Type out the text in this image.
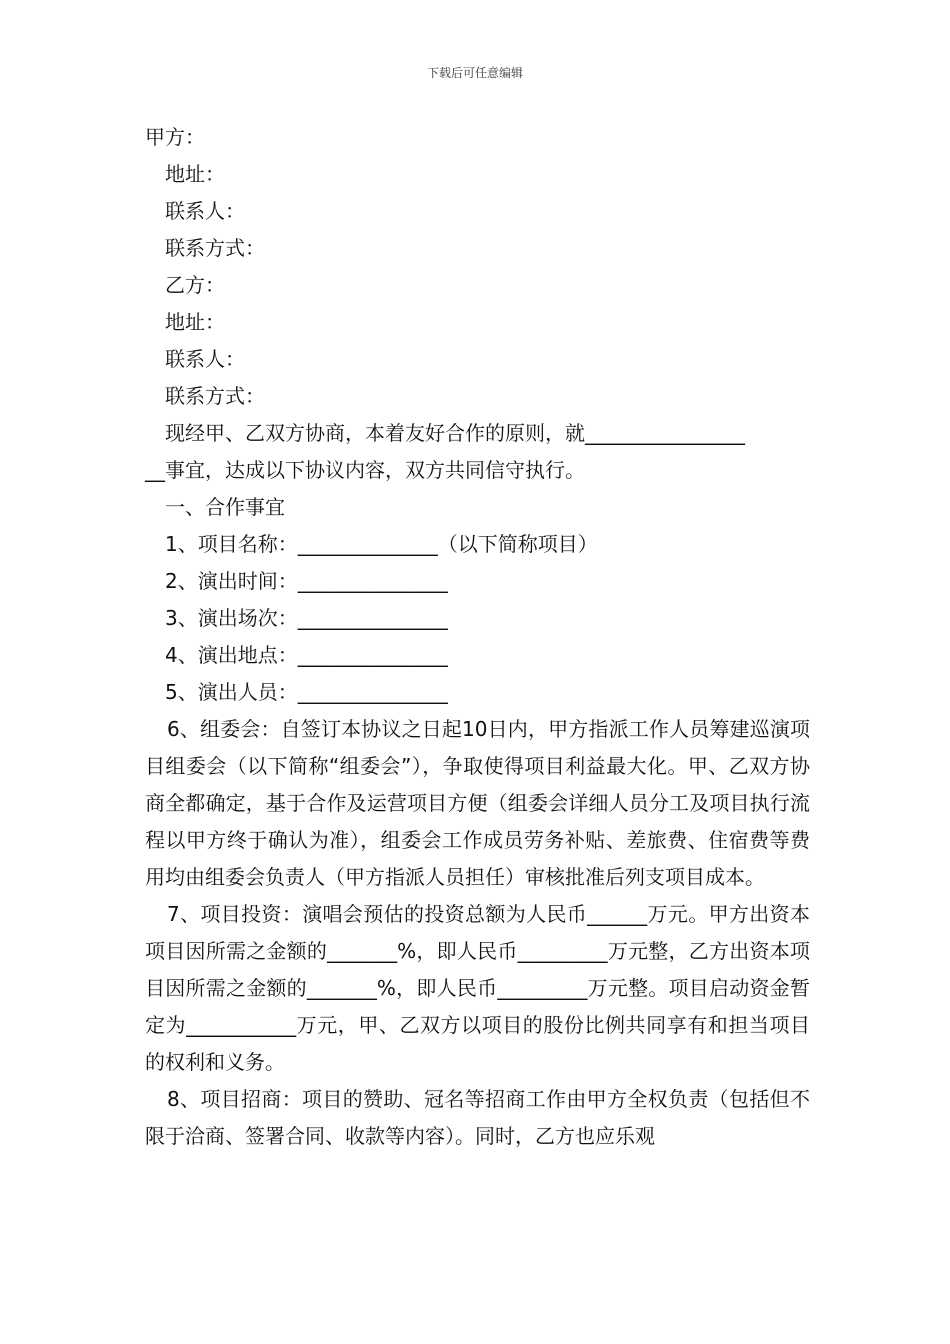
下载后可任意编辑
甲方：
地址：
联系人：
联系方式：
乙方：
地址：
联系人：
联系方式：
现经甲、乙双方协商，本着友好合作的原则，就________________
__事宜，达成以下协议内容，双方共同信守执行。
一、合作事宜
1、项目名称：______________（以下简称项目）
2、演出时间：_______________
3、演出场次：_______________
4、演出地点：_______________
5、演出人员：_______________
6、组委会：自签订本协议之日起10日内，甲方指派工作人员筹建巡演项目组委会（以下简称“组委会”），争取使得项目利益最大化。甲、乙双方协商全都确定，基于合作及运营项目方便（组委会详细人员分工及项目执行流程以甲方终于确认为准），组委会工作成员劳务补贴、差旅费、住宿费等费用均由组委会负责人（甲方指派人员担任）审核批准后列支项目成本。
7、项目投资：演唱会预估的投资总额为人民币______万元。甲方出资本项目因所需之金额的_______%，即人民币_________万元整，乙方出资本项目因所需之金额的_______%，即人民币_________万元整。项目启动资金暂定为___________万元，甲、乙双方以项目的股份比例共同享有和担当项目的权利和义务。
8、项目招商：项目的赞助、冠名等招商工作由甲方全权负责（包括但不限于洽商、签署合同、收款等内容）。同时，乙方也应乐观
